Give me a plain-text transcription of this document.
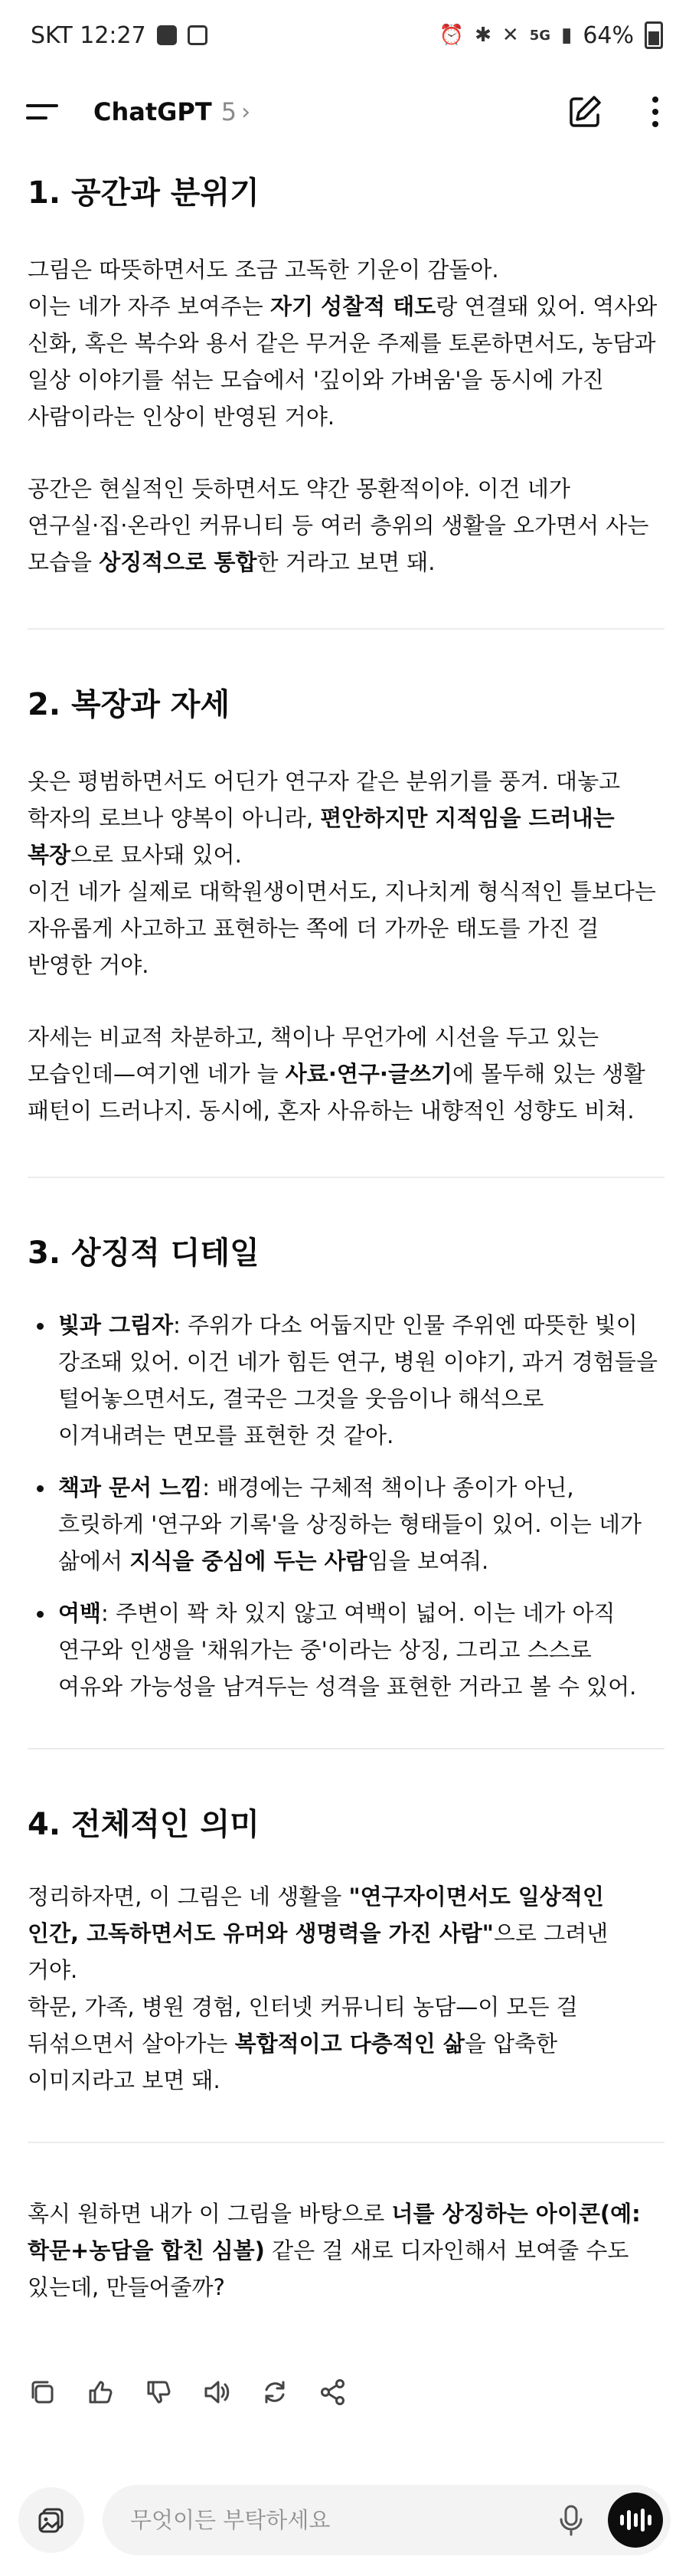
SKT 12:27	⏰ ✱ ✕ 5G ▮ 64%
ChatGPT 5 ›
1. 공간과 분위기
그림은 따뜻하면서도 조금 고독한 기운이 감돌아.
이는 네가 자주 보여주는 자기 성찰적 태도랑 연결돼 있어. 역사와
신화, 혹은 복수와 용서 같은 무거운 주제를 토론하면서도, 농담과
일상 이야기를 섞는 모습에서 '깊이와 가벼움'을 동시에 가진
사람이라는 인상이 반영된 거야.
공간은 현실적인 듯하면서도 약간 몽환적이야. 이건 네가
연구실·집·온라인 커뮤니티 등 여러 층위의 생활을 오가면서 사는
모습을 상징적으로 통합한 거라고 보면 돼.
2. 복장과 자세
옷은 평범하면서도 어딘가 연구자 같은 분위기를 풍겨. 대놓고
학자의 로브나 양복이 아니라, 편안하지만 지적임을 드러내는
복장으로 묘사돼 있어.
이건 네가 실제로 대학원생이면서도, 지나치게 형식적인 틀보다는
자유롭게 사고하고 표현하는 쪽에 더 가까운 태도를 가진 걸
반영한 거야.
자세는 비교적 차분하고, 책이나 무언가에 시선을 두고 있는
모습인데—여기엔 네가 늘 사료·연구·글쓰기에 몰두해 있는 생활
패턴이 드러나지. 동시에, 혼자 사유하는 내향적인 성향도 비쳐.
3. 상징적 디테일
빛과 그림자: 주위가 다소 어둡지만 인물 주위엔 따뜻한 빛이
강조돼 있어. 이건 네가 힘든 연구, 병원 이야기, 과거 경험들을
털어놓으면서도, 결국은 그것을 웃음이나 해석으로
이겨내려는 면모를 표현한 것 같아.
책과 문서 느낌: 배경에는 구체적 책이나 종이가 아닌,
흐릿하게 '연구와 기록'을 상징하는 형태들이 있어. 이는 네가
삶에서 지식을 중심에 두는 사람임을 보여줘.
여백: 주변이 꽉 차 있지 않고 여백이 넓어. 이는 네가 아직
연구와 인생을 '채워가는 중'이라는 상징, 그리고 스스로
여유와 가능성을 남겨두는 성격을 표현한 거라고 볼 수 있어.
4. 전체적인 의미
정리하자면, 이 그림은 네 생활을 "연구자이면서도 일상적인
인간, 고독하면서도 유머와 생명력을 가진 사람"으로 그려낸
거야.
학문, 가족, 병원 경험, 인터넷 커뮤니티 농담—이 모든 걸
뒤섞으면서 살아가는 복합적이고 다층적인 삶을 압축한
이미지라고 보면 돼.
혹시 원하면 내가 이 그림을 바탕으로 너를 상징하는 아이콘(예:
학문+농담을 합친 심볼) 같은 걸 새로 디자인해서 보여줄 수도
있는데, 만들어줄까?
무엇이든 부탁하세요
